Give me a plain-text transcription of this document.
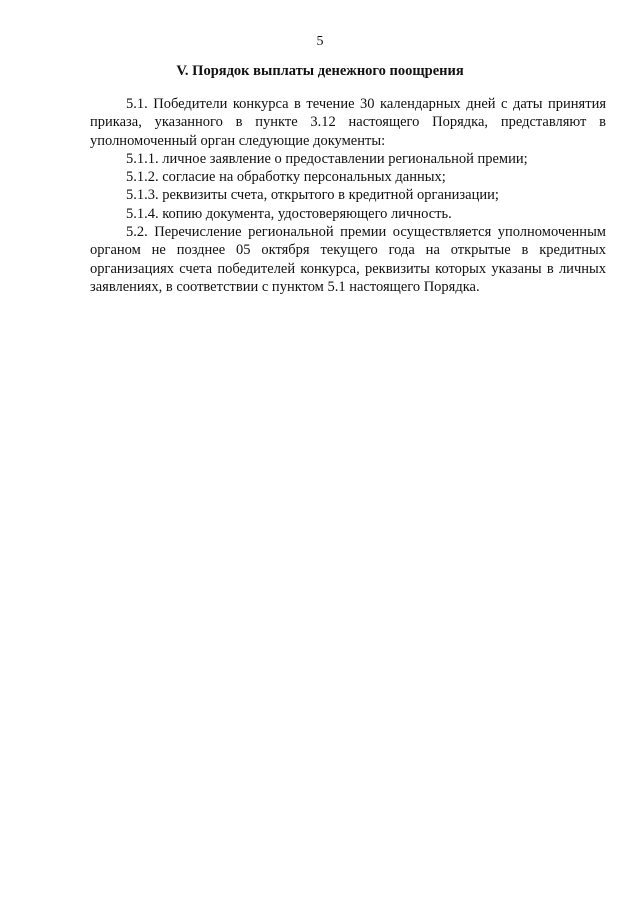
5
V. Порядок выплаты денежного поощрения

5.1. Победители конкурса в течение 30 календарных дней с даты принятия приказа, указанного в пункте 3.12 настоящего Порядка, представляют в уполномоченный орган следующие документы:

5.1.1. личное заявление о предоставлении региональной премии;

5.1.2. согласие на обработку персональных данных;

5.1.3. реквизиты счета, открытого в кредитной организации;

5.1.4. копию документа, удостоверяющего личность.

5.2. Перечисление региональной премии осуществляется уполномоченным органом не позднее 05 октября текущего года на открытые в кредитных организациях счета победителей конкурса, реквизиты которых указаны в личных заявлениях, в соответствии с пунктом 5.1 настоящего Порядка.
